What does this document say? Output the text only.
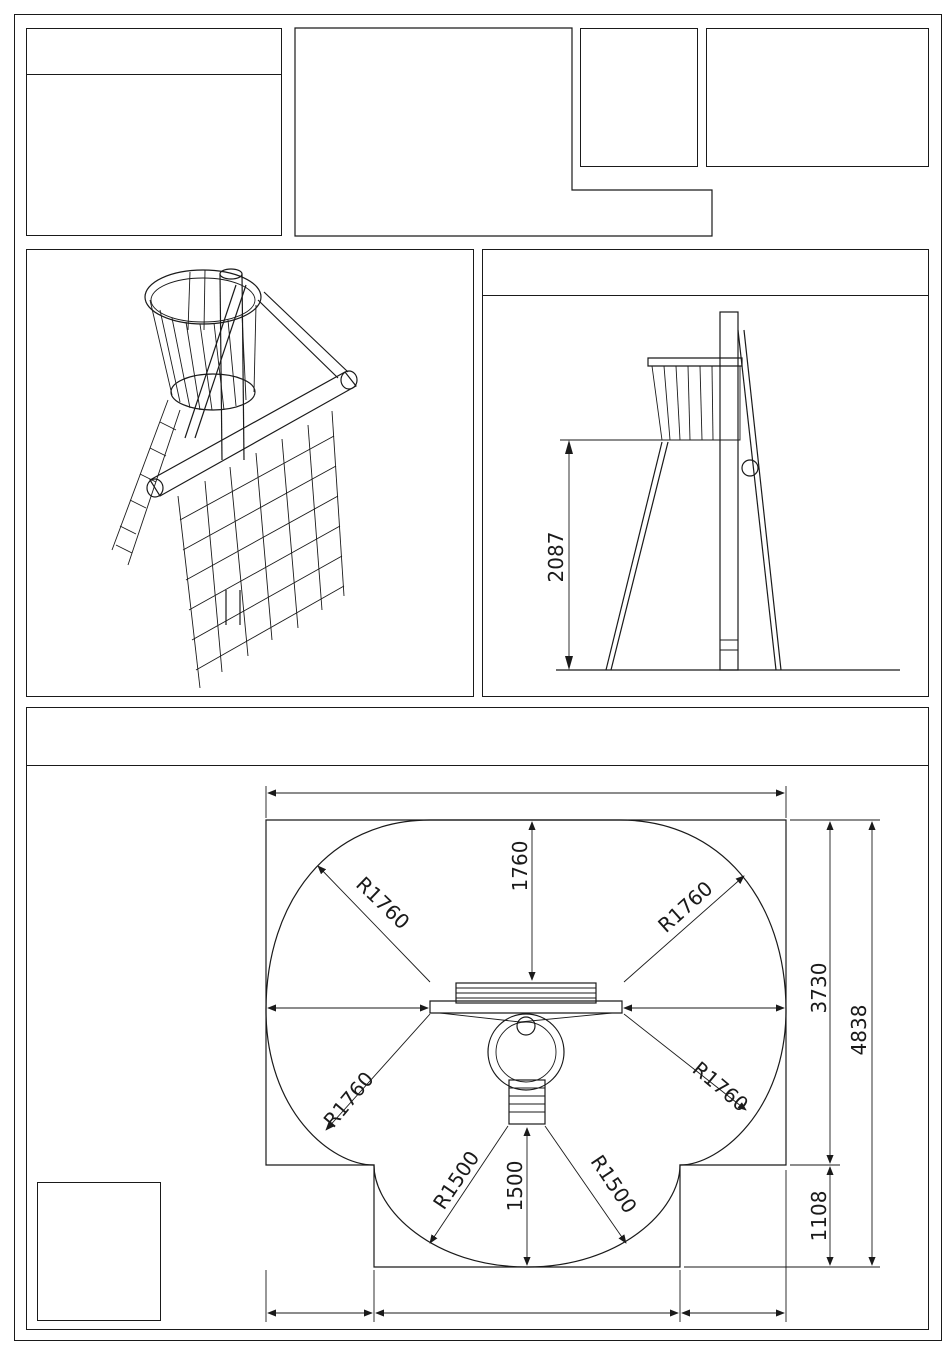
2087
1760
R1760	R1760
R1760	R1760
R1500	R1500
1500
3730
4838
1108
